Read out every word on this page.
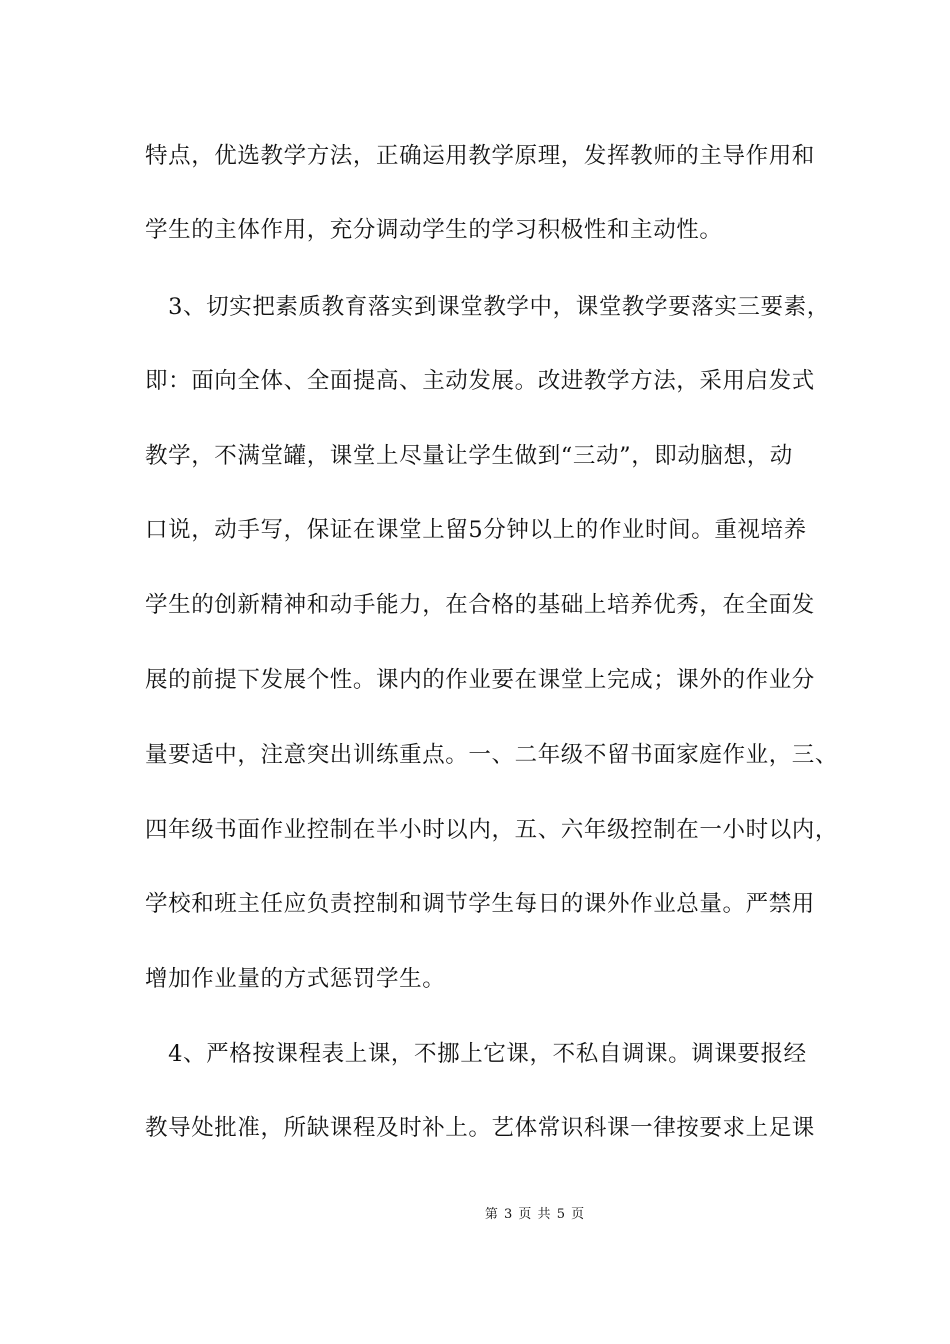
特点，优选教学方法，正确运用教学原理，发挥教师的主导作用和
学生的主体作用，充分调动学生的学习积极性和主动性。
　3、切实把素质教育落实到课堂教学中，课堂教学要落实三要素，
即：面向全体、全面提高、主动发展。改进教学方法，采用启发式
教学，不满堂罐，课堂上尽量让学生做到“三动”，即动脑想，动
口说，动手写，保证在课堂上留5分钟以上的作业时间。重视培养
学生的创新精神和动手能力，在合格的基础上培养优秀，在全面发
展的前提下发展个性。课内的作业要在课堂上完成；课外的作业分
量要适中，注意突出训练重点。一、二年级不留书面家庭作业，三、
四年级书面作业控制在半小时以内，五、六年级控制在一小时以内，
学校和班主任应负责控制和调节学生每日的课外作业总量。严禁用
增加作业量的方式惩罚学生。
　4、严格按课程表上课，不挪上它课，不私自调课。调课要报经
教导处批准，所缺课程及时补上。艺体常识科课一律按要求上足课
第 3 页 共 5 页
